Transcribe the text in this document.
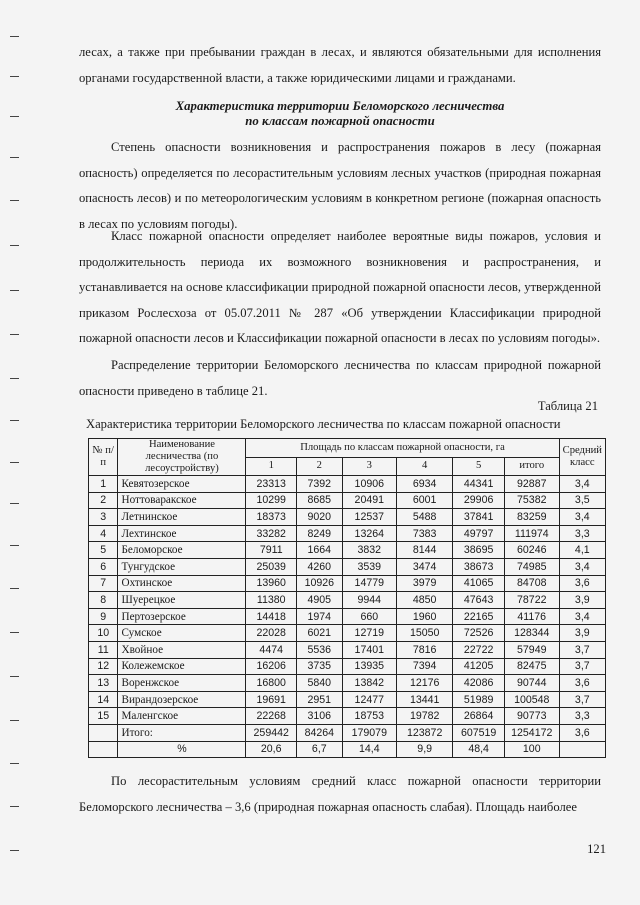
лесах, а также при пребывании граждан в лесах, и являются обязательными для исполнения органами государственной власти, а также юридическими лицами и гражданами.
Характеристика территории Беломорского лесничества
по классам пожарной опасности
Степень опасности возникновения и распространения пожаров в лесу (пожарная опасность) определяется по лесорастительным условиям лесных участков (природная пожарная опасность лесов) и по метеорологическим условиям в конкретном регионе (пожарная опасность в лесах по условиям погоды).
Класс пожарной опасности определяет наиболее вероятные виды пожаров, условия и продолжительность периода их возможного возникновения и распространения, и устанавливается на основе классификации природной пожарной опасности лесов, утвержденной приказом Рослесхоза от 05.07.2011 № 287 «Об утверждении Классификации природной пожарной опасности лесов и Классификации пожарной опасности в лесах по условиям погоды».
Распределение территории Беломорского лесничества по классам природной пожарной опасности приведено в таблице 21.
Таблица 21
Характеристика территории Беломорского лесничества по классам пожарной опасности
№ п/п	Наименование лесничества (по лесоустройству)	Площадь по классам пожарной опасности, га						Средний класс
		1	2	3	4	5	итого	
1	Кевятозерское	23313	7392	10906	6934	44341	92887	3,4
2	Ноттоваракское	10299	8685	20491	6001	29906	75382	3,5
3	Летнинское	18373	9020	12537	5488	37841	83259	3,4
4	Лехтинское	33282	8249	13264	7383	49797	111974	3,3
5	Беломорское	7911	1664	3832	8144	38695	60246	4,1
6	Тунгудское	25039	4260	3539	3474	38673	74985	3,4
7	Охтинское	13960	10926	14779	3979	41065	84708	3,6
8	Шуерецкое	11380	4905	9944	4850	47643	78722	3,9
9	Пертозерское	14418	1974	660	1960	22165	41176	3,4
10	Сумское	22028	6021	12719	15050	72526	128344	3,9
11	Хвойное	4474	5536	17401	7816	22722	57949	3,7
12	Колежемское	16206	3735	13935	7394	41205	82475	3,7
13	Воренжское	16800	5840	13842	12176	42086	90744	3,6
14	Вирандозерское	19691	2951	12477	13441	51989	100548	3,7
15	Маленгское	22268	3106	18753	19782	26864	90773	3,3
	Итого:	259442	84264	179079	123872	607519	1254172	3,6
	%	20,6	6,7	14,4	9,9	48,4	100	
По лесорастительным условиям средний класс пожарной опасности территории Беломорского лесничества – 3,6 (природная пожарная опасность слабая). Площадь наиболее
121
